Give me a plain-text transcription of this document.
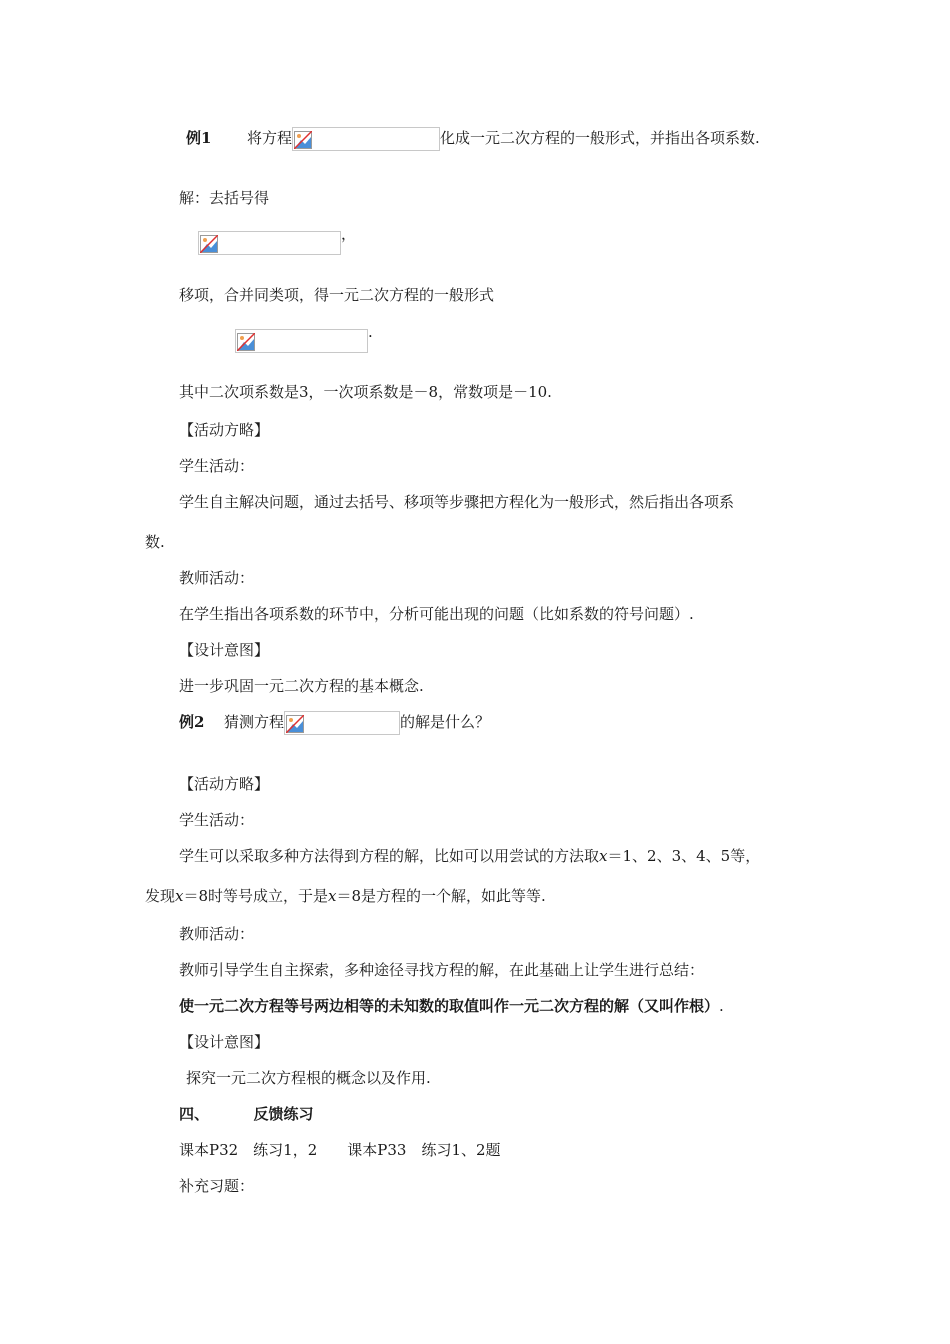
例1 将方程	化成一元二次方程的一般形式，并指出各项系数.
解：去括号得
，
移项，合并同类项，得一元二次方程的一般形式
.
其中二次项系数是3，一次项系数是－8，常数项是－10.
【活动方略】
学生活动：
学生自主解决问题，通过去括号、移项等步骤把方程化为一般形式，然后指出各项系
数.
教师活动：
在学生指出各项系数的环节中，分析可能出现的问题（比如系数的符号问题）.
【设计意图】
进一步巩固一元二次方程的基本概念.
例2 猜测方程	的解是什么？
【活动方略】
学生活动：
学生可以采取多种方法得到方程的解，比如可以用尝试的方法取x＝1、2、3、4、5等，
发现x＝8时等号成立，于是x＝8是方程的一个解，如此等等.
教师活动：
教师引导学生自主探索，多种途径寻找方程的解，在此基础上让学生进行总结：
使一元二次方程等号两边相等的未知数的取值叫作一元二次方程的解（又叫作根）.
【设计意图】
探究一元二次方程根的概念以及作用.
四、	反馈练习
课本P32　练习1，2　　课本P33　练习1、2题
补充习题：
